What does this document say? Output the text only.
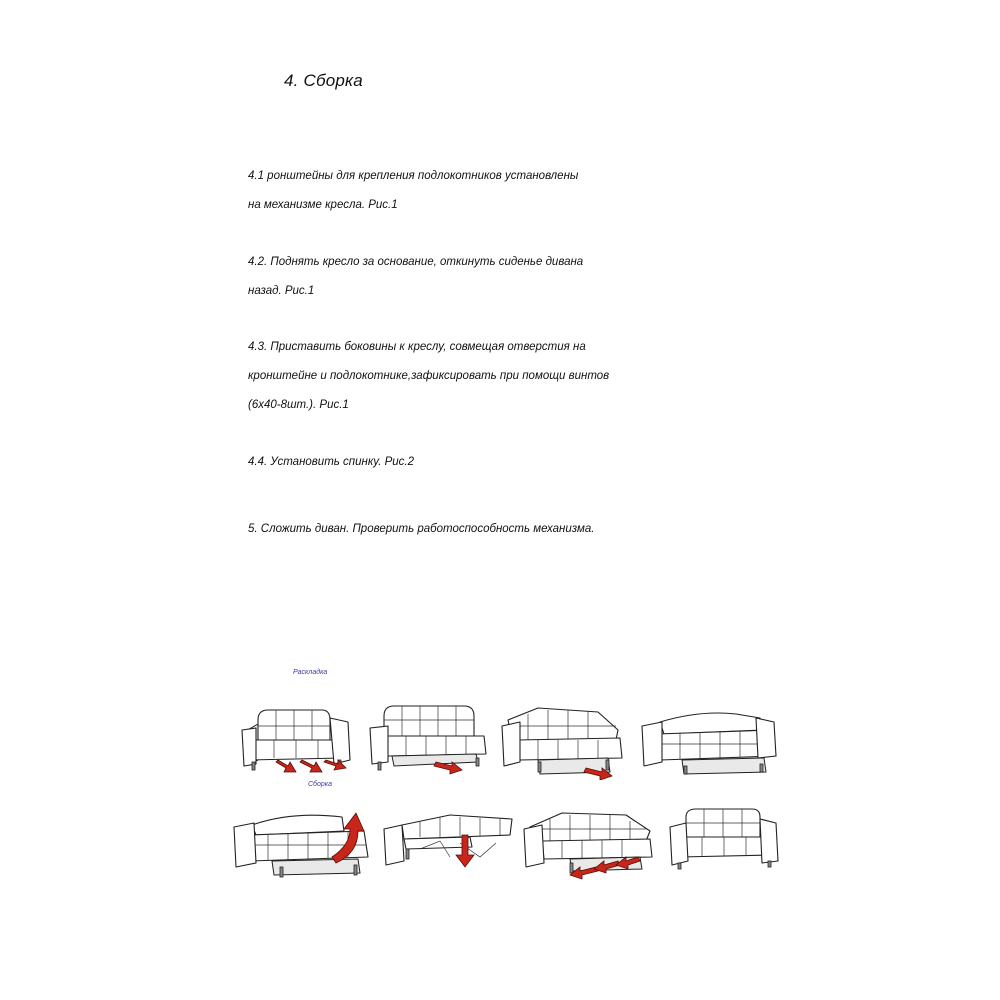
4. Сборка
4.1 роншт​ейны для крепления подлокотников установлены
на механизме кресла. Рис.1
4.2. Поднять кресло за основание, откинуть сиденье дивана
назад. Рис.1
4.3. Приставить боковины к креслу, совмещая отверстия на
кронштейне и подлокотнике,зафиксировать при помощи винтов
(6х40-8шт.). Рис.1
4.4. Установить спинку. Рис.2
5. Сложить диван. Проверить работоспособность механизма.
Раскладка
Сборка
